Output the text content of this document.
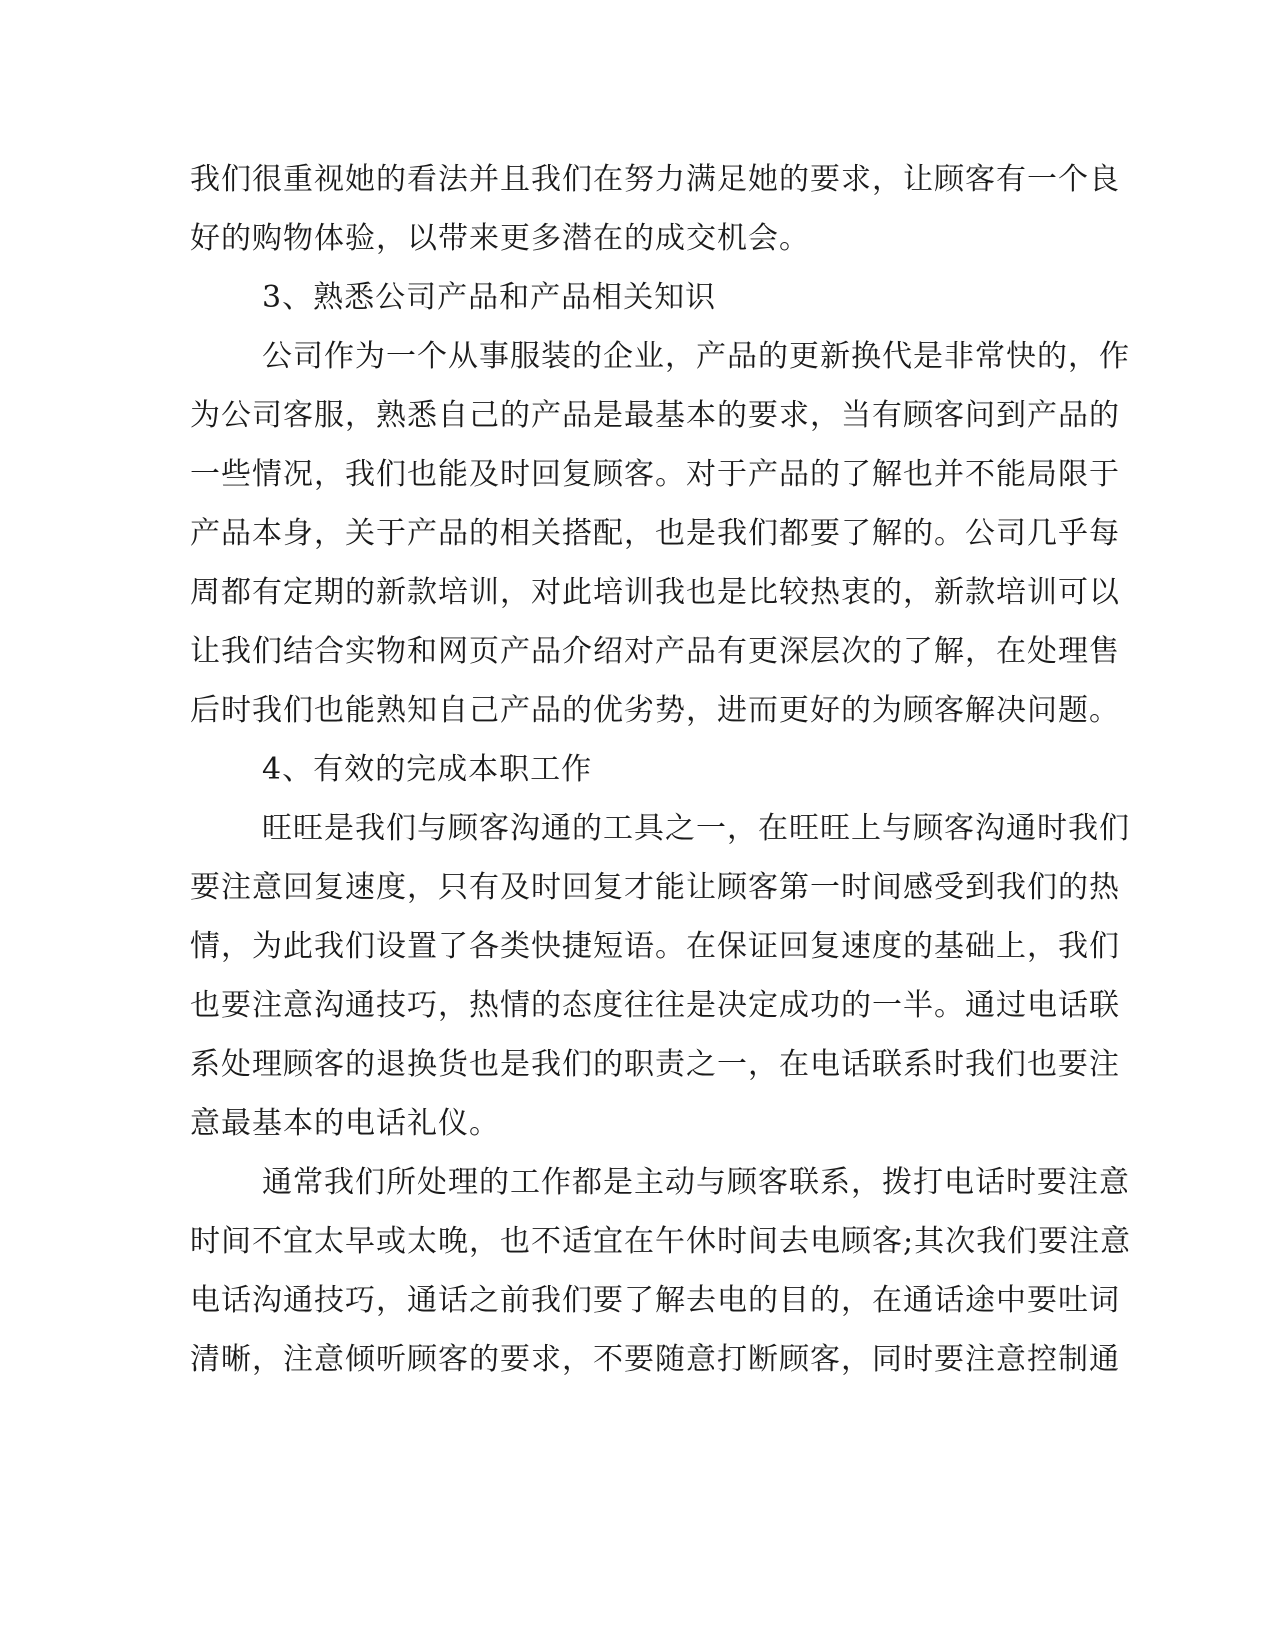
我们很重视她的看法并且我们在努力满足她的要求，让顾客有一个良
好的购物体验，以带来更多潜在的成交机会。
3、熟悉公司产品和产品相关知识
公司作为一个从事服装的企业，产品的更新换代是非常快的，作
为公司客服，熟悉自己的产品是最基本的要求，当有顾客问到产品的
一些情况，我们也能及时回复顾客。对于产品的了解也并不能局限于
产品本身，关于产品的相关搭配，也是我们都要了解的。公司几乎每
周都有定期的新款培训，对此培训我也是比较热衷的，新款培训可以
让我们结合实物和网页产品介绍对产品有更深层次的了解，在处理售
后时我们也能熟知自己产品的优劣势，进而更好的为顾客解决问题。
4、有效的完成本职工作
旺旺是我们与顾客沟通的工具之一，在旺旺上与顾客沟通时我们
要注意回复速度，只有及时回复才能让顾客第一时间感受到我们的热
情，为此我们设置了各类快捷短语。在保证回复速度的基础上，我们
也要注意沟通技巧，热情的态度往往是决定成功的一半。通过电话联
系处理顾客的退换货也是我们的职责之一，在电话联系时我们也要注
意最基本的电话礼仪。
通常我们所处理的工作都是主动与顾客联系，拨打电话时要注意
时间不宜太早或太晚，也不适宜在午休时间去电顾客;其次我们要注意
电话沟通技巧，通话之前我们要了解去电的目的，在通话途中要吐词
清晰，注意倾听顾客的要求，不要随意打断顾客，同时要注意控制通
